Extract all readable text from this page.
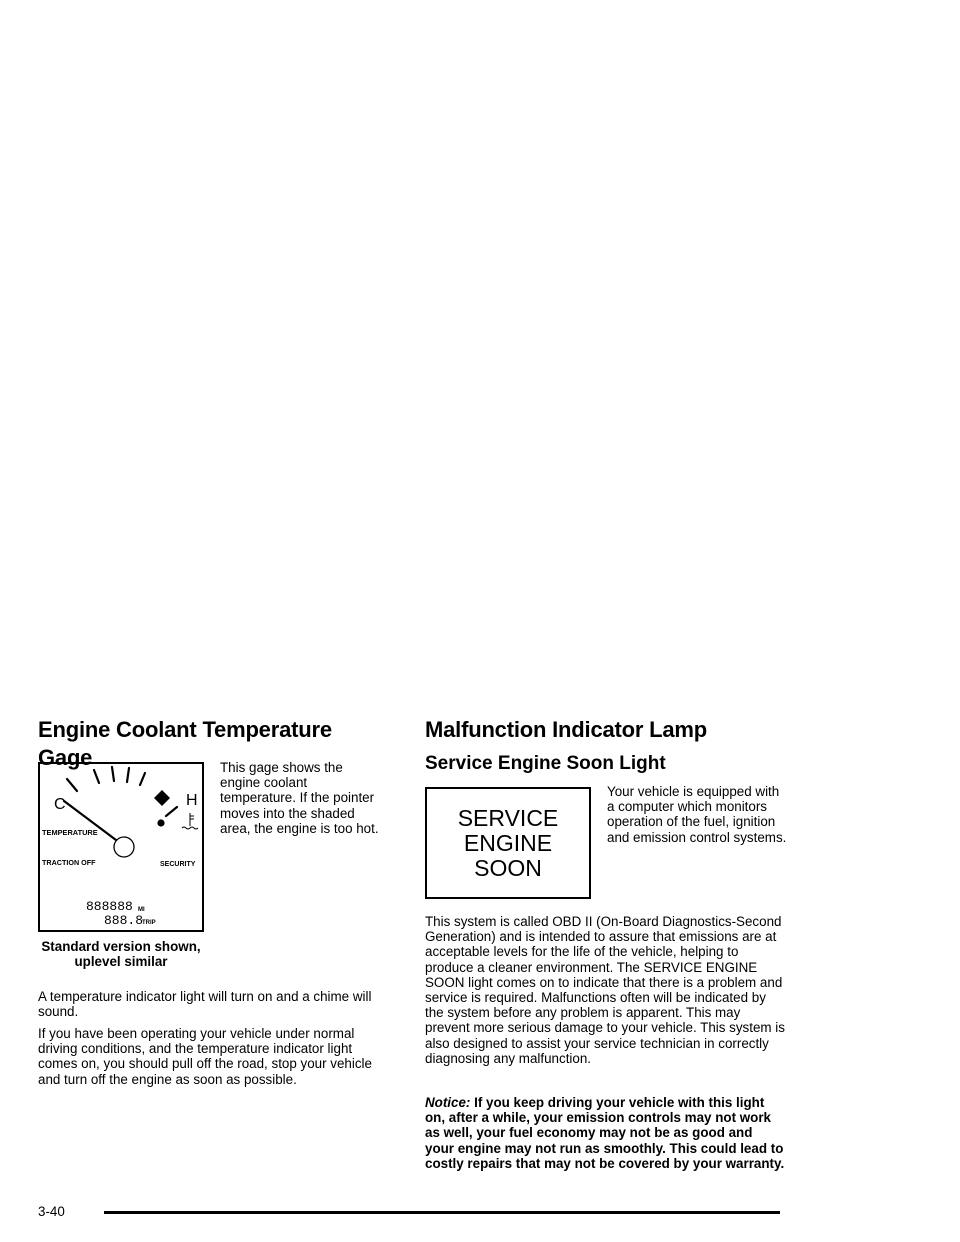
Engine Coolant Temperature Gage
C	H
TEMPERATURE
TRACTION OFF	SECURITY
888888 MI
888.8
TRIP
Standard version shown, uplevel similar

This gage shows the engine coolant temperature. If the pointer moves into the shaded area, the engine is too hot.

A temperature indicator light will turn on and a chime will sound.

If you have been operating your vehicle under normal driving conditions, and the temperature indicator light comes on, you should pull off the road, stop your vehicle and turn off the engine as soon as possible.

Malfunction Indicator Lamp
Service Engine Soon Light
SERVICE
ENGINE
SOON

Your vehicle is equipped with a computer which monitors operation of the fuel, ignition and emission control systems.

This system is called OBD II (On-Board Diagnostics-Second Generation) and is intended to assure that emissions are at acceptable levels for the life of the vehicle, helping to produce a cleaner environment. The SERVICE ENGINE SOON light comes on to indicate that there is a problem and service is required. Malfunctions often will be indicated by the system before any problem is apparent. This may prevent more serious damage to your vehicle. This system is also designed to assist your service technician in correctly diagnosing any malfunction.

Notice: If you keep driving your vehicle with this light on, after a while, your emission controls may not work as well, your fuel economy may not be as good and your engine may not run as smoothly. This could lead to costly repairs that may not be covered by your warranty.

3-40
